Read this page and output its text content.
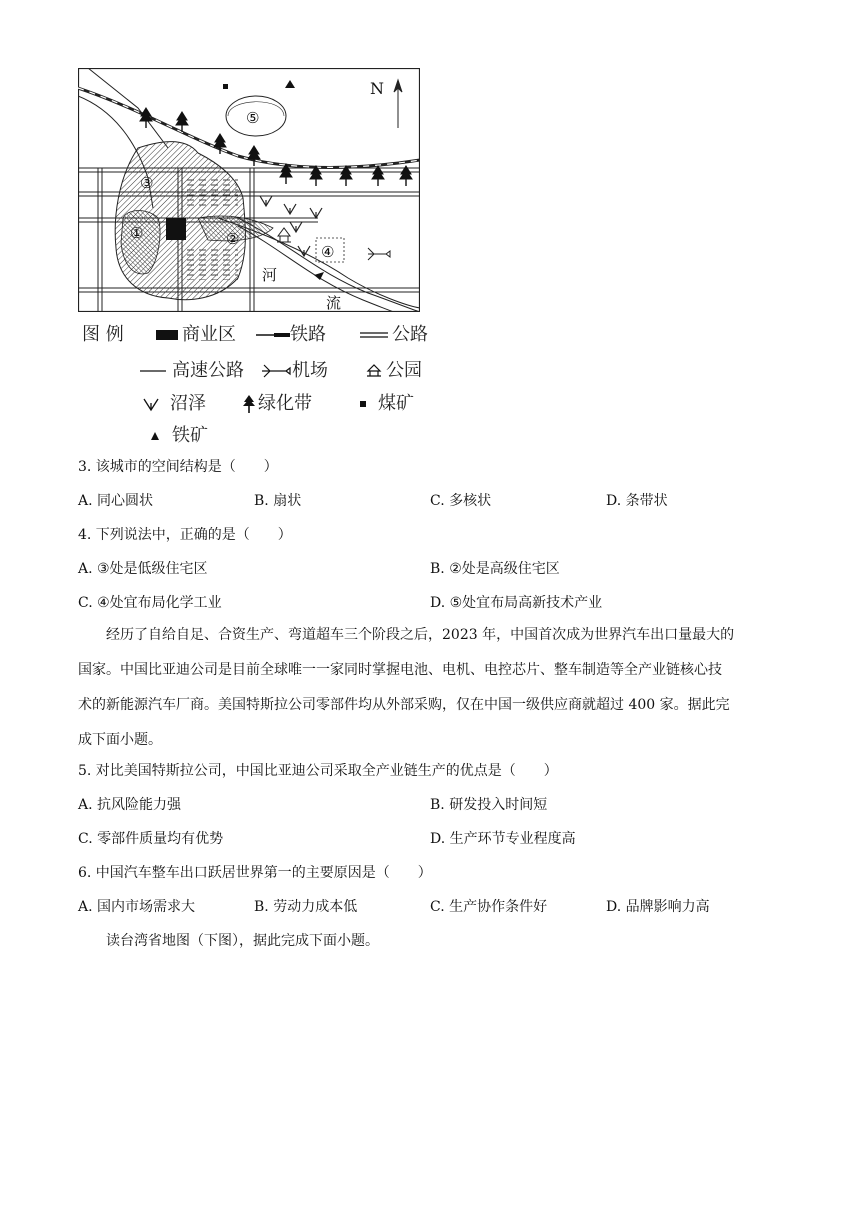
N
①	②
③
④
⑤
河
流
图 例	商业区	铁路	公路
高速公路	机场	公园
沼泽	绿化带	煤矿
铁矿
3. 该城市的空间结构是（　　）
A. 同心圆状	B. 扇状	C. 多核状	D. 条带状
4. 下列说法中，正确的是（　　）
A. ③处是低级住宅区	B. ②处是高级住宅区
C. ④处宜布局化学工业	D. ⑤处宜布局高新技术产业
经历了自给自足、合资生产、弯道超车三个阶段之后，2023 年，中国首次成为世界汽车出口量最大的
国家。中国比亚迪公司是目前全球唯一一家同时掌握电池、电机、电控芯片、整车制造等全产业链核心技
术的新能源汽车厂商。美国特斯拉公司零部件均从外部采购，仅在中国一级供应商就超过 400 家。据此完
成下面小题。
5. 对比美国特斯拉公司，中国比亚迪公司采取全产业链生产的优点是（　　）
A. 抗风险能力强	B. 研发投入时间短
C. 零部件质量均有优势	D. 生产环节专业程度高
6. 中国汽车整车出口跃居世界第一的主要原因是（　　）
A. 国内市场需求大	B. 劳动力成本低	C. 生产协作条件好	D. 品牌影响力高
读台湾省地图（下图），据此完成下面小题。
